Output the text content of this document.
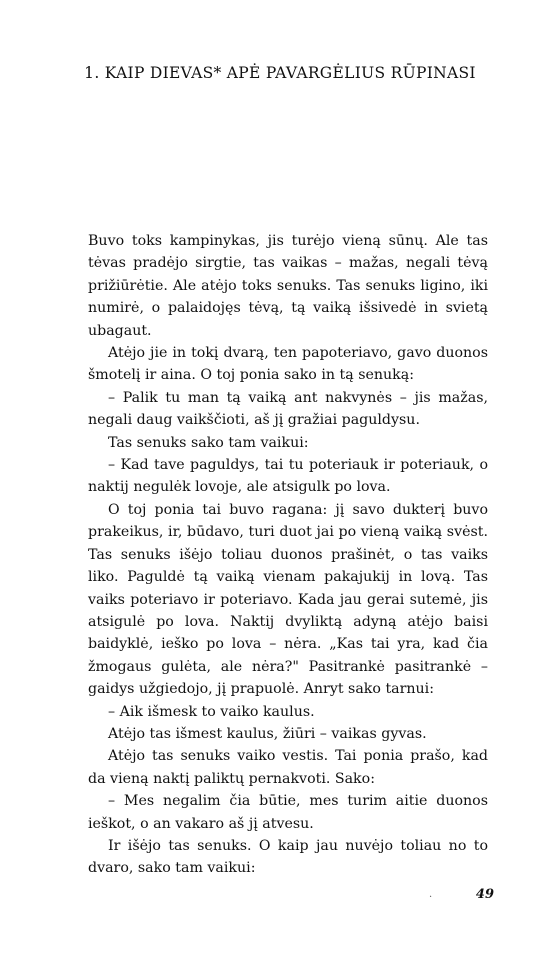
1. KAIP DIEVAS* APĖ PAVARGĖLIUS RŪPINASI

Buvo toks kampinykas, jis turėjo vieną sūnų. Ale tas tėvas pradėjo sirgtie, tas vaikas – mažas, negali tėvą prižiūrėtie. Ale atėjo toks senuks. Tas senuks ligino, iki numirė, o palaidojęs tėvą, tą vaiką išsivedė in svietą ubagaut.

Atėjo jie in tokį dvarą, ten papoteriavo, gavo duonos šmotelį ir aina. O toj ponia sako in tą senuką:

– Palik tu man tą vaiką ant nakvynės – jis mažas, negali daug vaikščioti, aš jį gražiai paguldysu.

Tas senuks sako tam vaikui:

– Kad tave paguldys, tai tu poteriauk ir poteriauk, o naktij negulėk lovoje, ale atsigulk po lova.

O toj ponia tai buvo ragana: jį savo dukterį buvo prakeikus, ir, būdavo, turi duot jai po vieną vaiką svėst. Tas senuks išėjo toliau duonos prašinėt, o tas vaiks liko. Paguldė tą vaiką vienam pakajukij in lovą. Tas vaiks poteriavo ir poteriavo. Kada jau gerai sutemė, jis atsigulė po lova. Naktij dvyliktą adyną atėjo baisi baidyklė, ieško po lova – nėra. „Kas tai yra, kad čia žmogaus gulėta, ale nėra?" Pasitrankė pasitrankė – gaidys užgiedojo, jį prapuolė. Anryt sako tarnui:

– Aik išmesk to vaiko kaulus.

Atėjo tas išmest kaulus, žiūri – vaikas gyvas.

Atėjo tas senuks vaiko vestis. Tai ponia prašo, kad da vieną naktį paliktų pernakvoti. Sako:

– Mes negalim čia būtie, mes turim aitie duonos ieškot, o an vakaro aš jį atvesu.

Ir išėjo tas senuks. O kaip jau nuvėjo toliau no to dvaro, sako tam vaikui:

·	49
